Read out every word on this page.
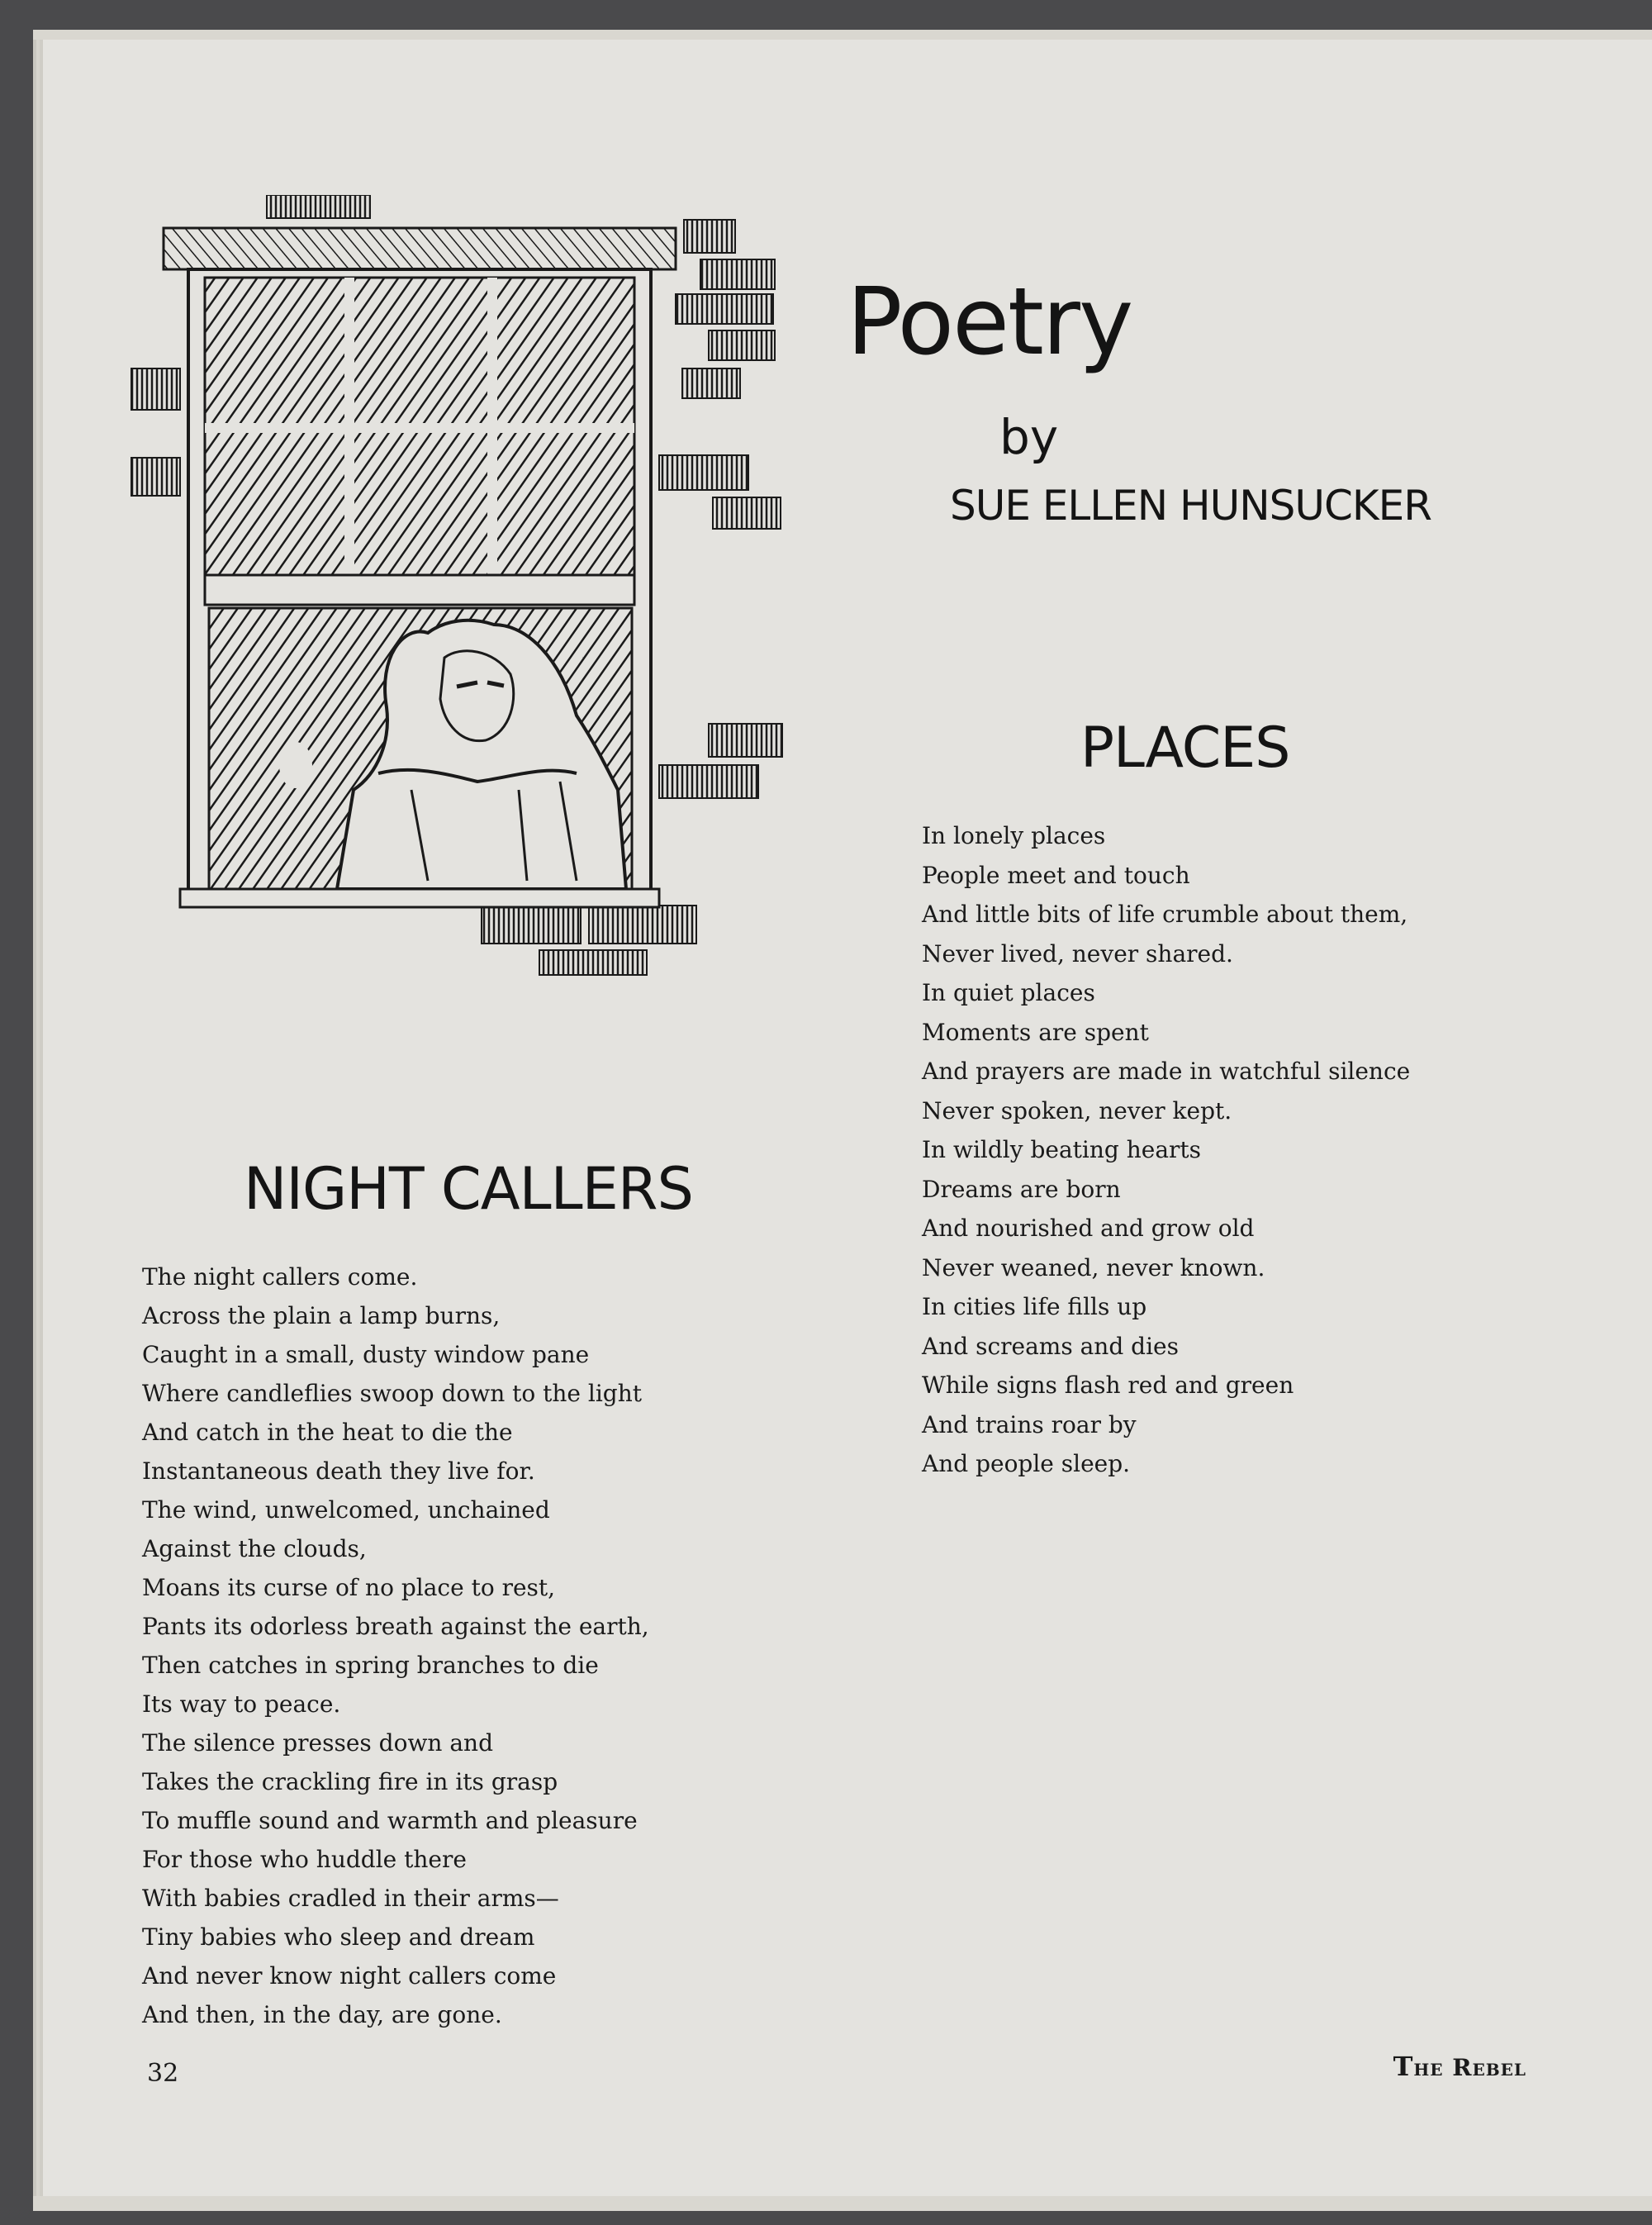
Poetry

by

SUE ELLEN HUNSUCKER

PLACES
In lonely places
People meet and touch
And little bits of life crumble about them,
Never lived, never shared.
In quiet places
Moments are spent
And prayers are made in watchful silence
Never spoken, never kept.
In wildly beating hearts
Dreams are born
And nourished and grow old
Never weaned, never known.
In cities life fills up
And screams and dies
While signs flash red and green
And trains roar by
And people sleep.
NIGHT CALLERS
The night callers come.
Across the plain a lamp burns,
Caught in a small, dusty window pane
Where candleflies swoop down to the light
And catch in the heat to die the
Instantaneous death they live for.
The wind, unwelcomed, unchained
Against the clouds,
Moans its curse of no place to rest,
Pants its odorless breath against the earth,
Then catches in spring branches to die
Its way to peace.
The silence presses down and
Takes the crackling fire in its grasp
To muffle sound and warmth and pleasure
For those who huddle there
With babies cradled in their arms—
Tiny babies who sleep and dream
And never know night callers come
And then, in the day, are gone.
32	The Rebel
